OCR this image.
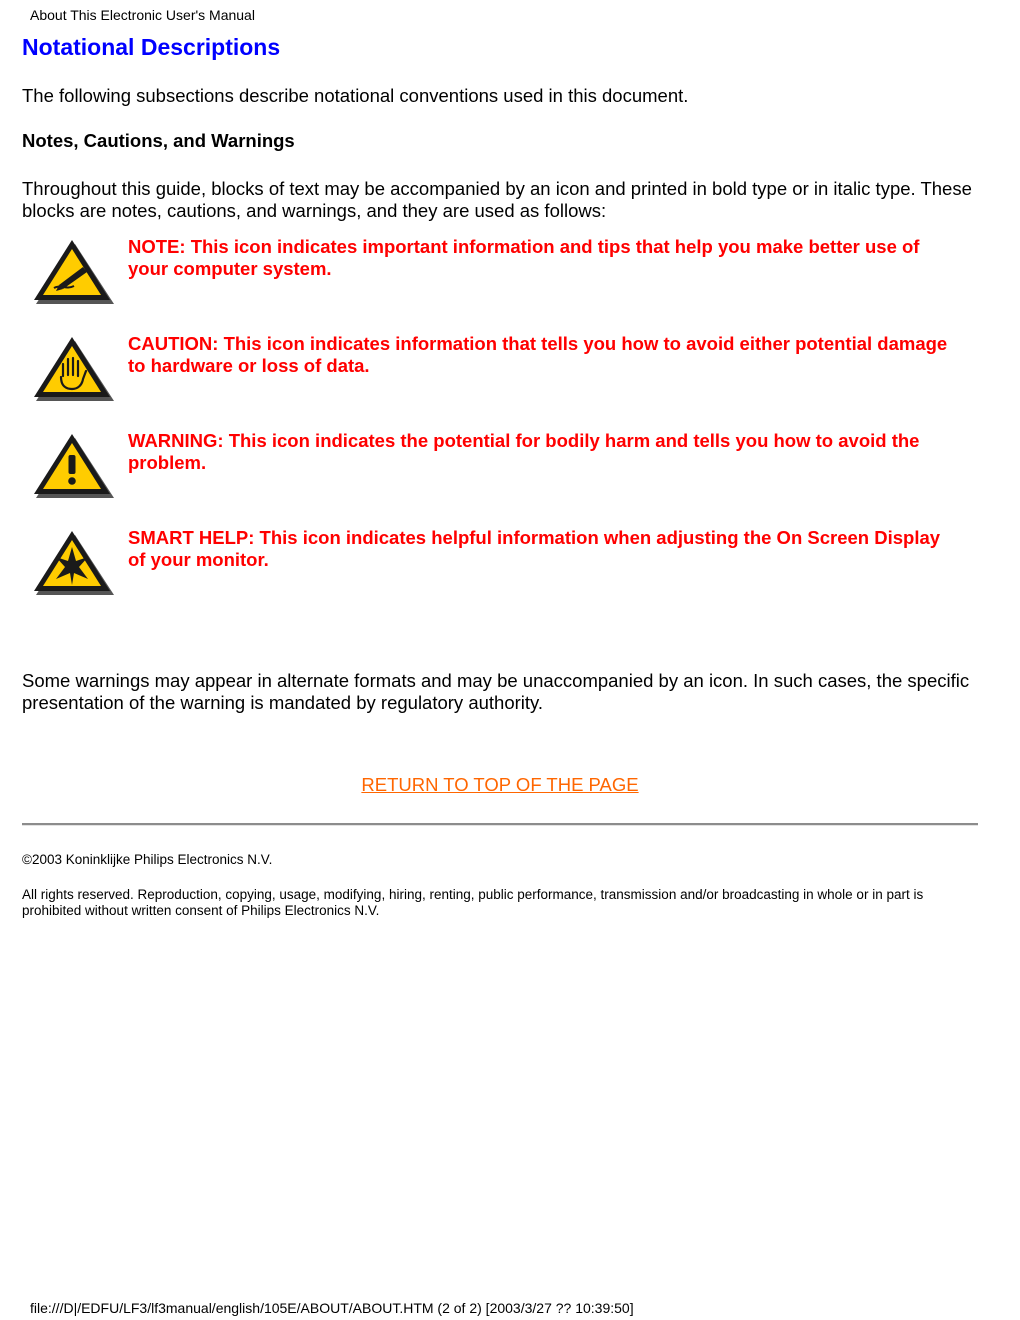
About This Electronic User's Manual
Notational Descriptions

The following subsections describe notational conventions used in this document.

Notes, Cautions, and Warnings

Throughout this guide, blocks of text may be accompanied by an icon and printed in bold type or in italic type. These blocks are notes, cautions, and warnings, and they are used as follows:

NOTE: This icon indicates important information and tips that help you make better use of your computer system.
CAUTION: This icon indicates information that tells you how to avoid either potential damage to hardware or loss of data.
WARNING: This icon indicates the potential for bodily harm and tells you how to avoid the problem.
SMART HELP: This icon indicates helpful information when adjusting the On Screen Display of your monitor.

Some warnings may appear in alternate formats and may be unaccompanied by an icon. In such cases, the specific presentation of the warning is mandated by regulatory authority.

RETURN TO TOP OF THE PAGE
©2003 Koninklijke Philips Electronics N.V.
All rights reserved. Reproduction, copying, usage, modifying, hiring, renting, public performance, transmission and/or broadcasting in whole or in part is prohibited without written consent of Philips Electronics N.V.
file:///D|/EDFU/LF3/lf3manual/english/105E/ABOUT/ABOUT.HTM (2 of 2) [2003/3/27 ?? 10:39:50]
